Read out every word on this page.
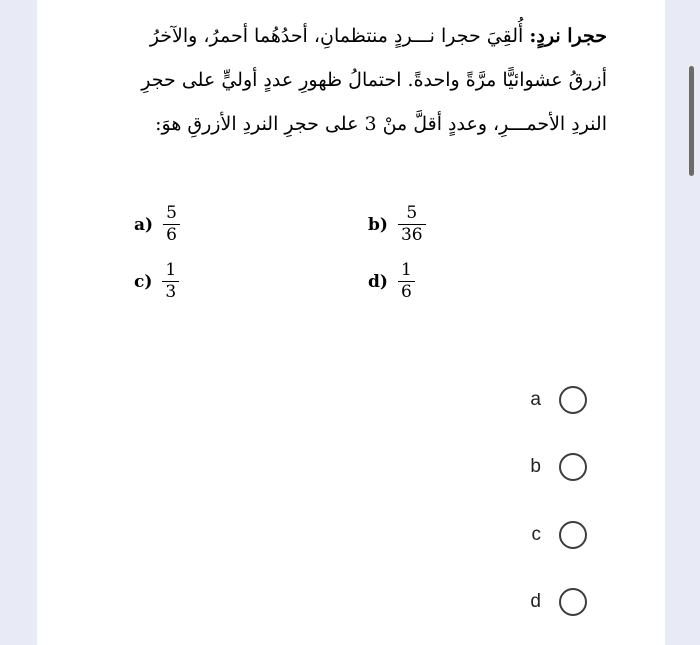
حجرا نردٍ: أُلقِيَ حجرا نـــردٍ منتظمانِ، أحدُهُما أحمرُ، والآخرُ أزرقُ عشوائيًّا مرَّةً واحدةً. احتمالُ ظهورِ عددٍ أوليٍّ على حجرِ النردِ الأحمـــرِ، وعددٍ أقلَّ منْ 3 على حجرِ النردِ الأزرقِ هوَ:
$a) \frac{5}{6}$	$b) \frac{5}{36}$
$c) \frac{1}{3}$	$d) \frac{1}{6}$
a
b
c
d
